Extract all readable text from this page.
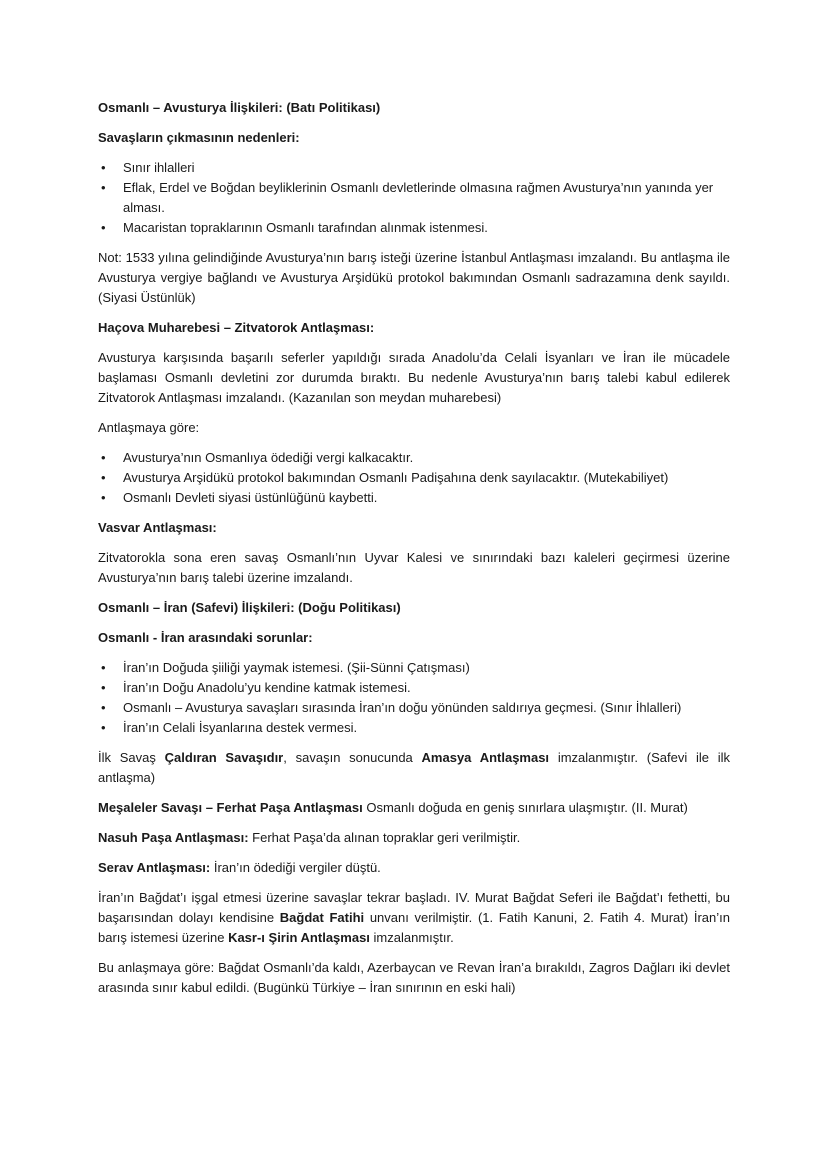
Osmanlı – Avusturya İlişkileri: (Batı Politikası)
Savaşların çıkmasının nedenleri:
• Sınır ihlalleri
• Eflak, Erdel ve Boğdan beyliklerinin Osmanlı devletlerinde olmasına rağmen Avusturya’nın yanında yer alması.
• Macaristan topraklarının Osmanlı tarafından alınmak istenmesi.
Not: 1533 yılına gelindiğinde Avusturya’nın barış isteği üzerine İstanbul Antlaşması imzalandı. Bu antlaşma ile Avusturya vergiye bağlandı ve Avusturya Arşidükü protokol bakımından Osmanlı sadrazamına denk sayıldı. (Siyasi Üstünlük)
Haçova Muharebesi – Zitvatorok Antlaşması:
Avusturya karşısında başarılı seferler yapıldığı sırada Anadolu’da Celali İsyanları ve İran ile mücadele başlaması Osmanlı devletini zor durumda bıraktı. Bu nedenle Avusturya’nın barış talebi kabul edilerek Zitvatorok Antlaşması imzalandı. (Kazanılan son meydan muharebesi)
Antlaşmaya göre:
• Avusturya’nın Osmanlıya ödediği vergi kalkacaktır.
• Avusturya Arşidükü protokol bakımından Osmanlı Padişahına denk sayılacaktır. (Mutekabiliyet)
• Osmanlı Devleti siyasi üstünlüğünü kaybetti.
Vasvar Antlaşması:
Zitvatorokla sona eren savaş Osmanlı’nın Uyvar Kalesi ve sınırındaki bazı kaleleri geçirmesi üzerine Avusturya’nın barış talebi üzerine imzalandı.
Osmanlı – İran (Safevi) İlişkileri: (Doğu Politikası)
Osmanlı - İran arasındaki sorunlar:
• İran’ın Doğuda şiiliği yaymak istemesi. (Şii-Sünni Çatışması)
• İran’ın Doğu Anadolu’yu kendine katmak istemesi.
• Osmanlı – Avusturya savaşları sırasında İran’ın doğu yönünden saldırıya geçmesi. (Sınır İhlalleri)
• İran’ın Celali İsyanlarına destek vermesi.
İlk Savaş Çaldıran Savaşıdır, savaşın sonucunda Amasya Antlaşması imzalanmıştır. (Safevi ile ilk antlaşma)
Meşaleler Savaşı – Ferhat Paşa Antlaşması Osmanlı doğuda en geniş sınırlara ulaşmıştır. (II. Murat)
Nasuh Paşa Antlaşması: Ferhat Paşa’da alınan topraklar geri verilmiştir.
Serav Antlaşması: İran’ın ödediği vergiler düştü.
İran’ın Bağdat’ı işgal etmesi üzerine savaşlar tekrar başladı. IV. Murat Bağdat Seferi ile Bağdat’ı fethetti, bu başarısından dolayı kendisine Bağdat Fatihi unvanı verilmiştir. (1. Fatih Kanuni, 2. Fatih 4. Murat) İran’ın barış istemesi üzerine Kasr-ı Şirin Antlaşması imzalanmıştır.
Bu anlaşmaya göre: Bağdat Osmanlı’da kaldı, Azerbaycan ve Revan İran’a bırakıldı, Zagros Dağları iki devlet arasında sınır kabul edildi. (Bugünkü Türkiye – İran sınırının en eski hali)
